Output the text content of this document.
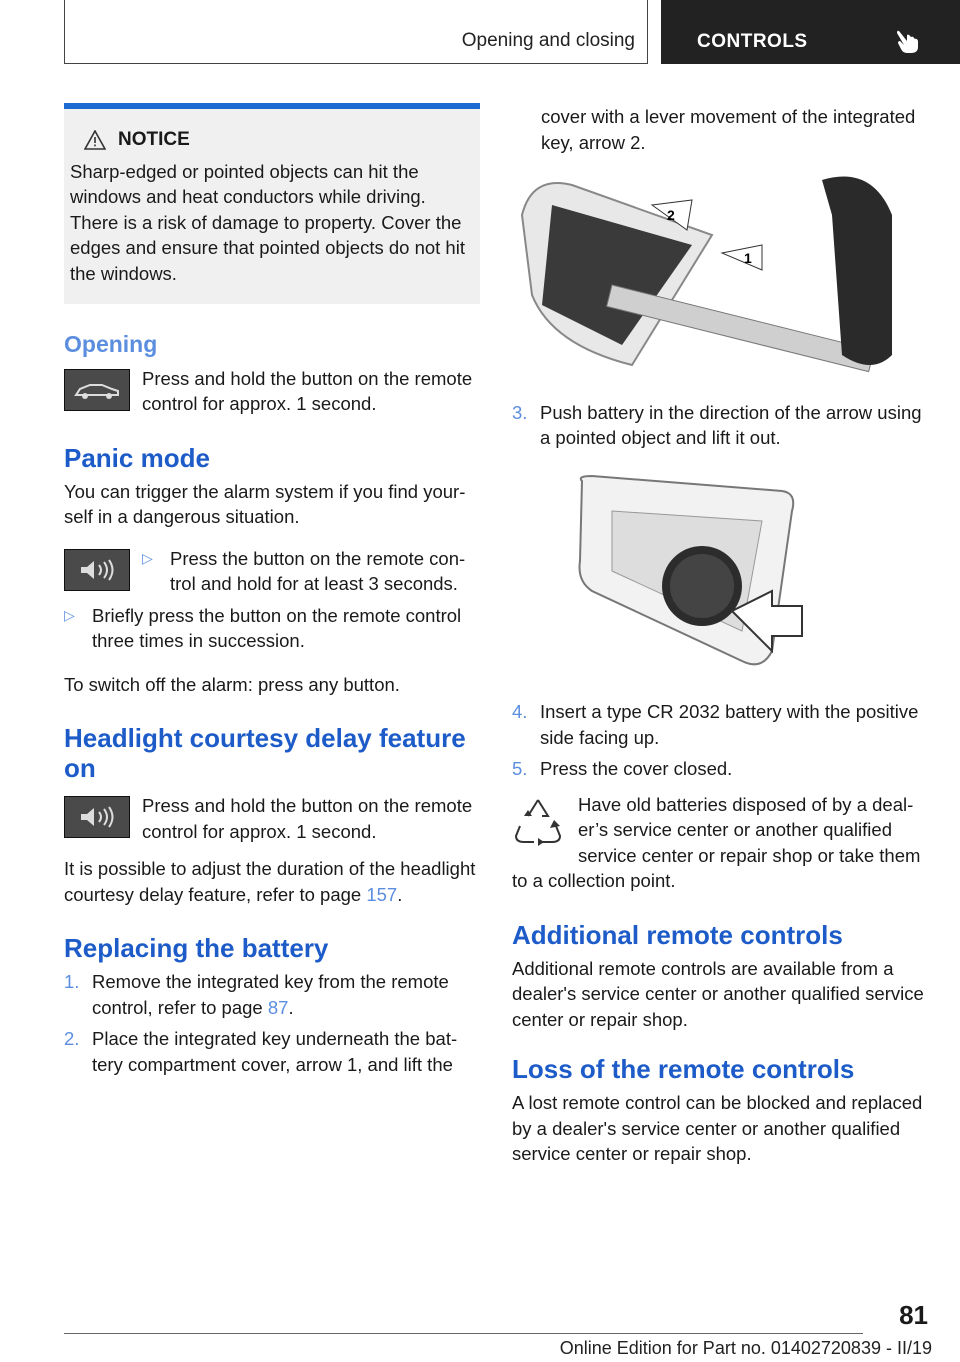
Opening and closing	CONTROLS
NOTICE

Sharp-edged or pointed objects can hit the windows and heat conductors while driving. There is a risk of damage to property. Cover the edges and ensure that pointed objects do not hit the windows.

Opening

Press and hold the button on the remote control for approx. 1 second.

Panic mode

You can trigger the alarm system if you find yourself in a dangerous situation.

▷ Press the button on the remote control and hold for at least 3 seconds.
▷ Briefly press the button on the remote control three times in succession.

To switch off the alarm: press any button.

Headlight courtesy delay feature on

Press and hold the button on the remote control for approx. 1 second.

It is possible to adjust the duration of the headlight courtesy delay feature, refer to page 157.

Replacing the battery
1. Remove the integrated key from the remote control, refer to page 87.
2. Place the integrated key underneath the battery compartment cover, arrow 1, and lift the

cover with a lever movement of the integrated key, arrow 2.

2
1
3. Push battery in the direction of the arrow using a pointed object and lift it out.
4. Insert a type CR 2032 battery with the positive side facing up.
5. Press the cover closed.

Have old batteries disposed of by a dealer’s service center or another qualified service center or repair shop or take them to a collection point.

Additional remote controls

Additional remote controls are available from a dealer's service center or another qualified service center or repair shop.

Loss of the remote controls

A lost remote control can be blocked and replaced by a dealer's service center or another qualified service center or repair shop.

81
Online Edition for Part no. 01402720839 - II/19
